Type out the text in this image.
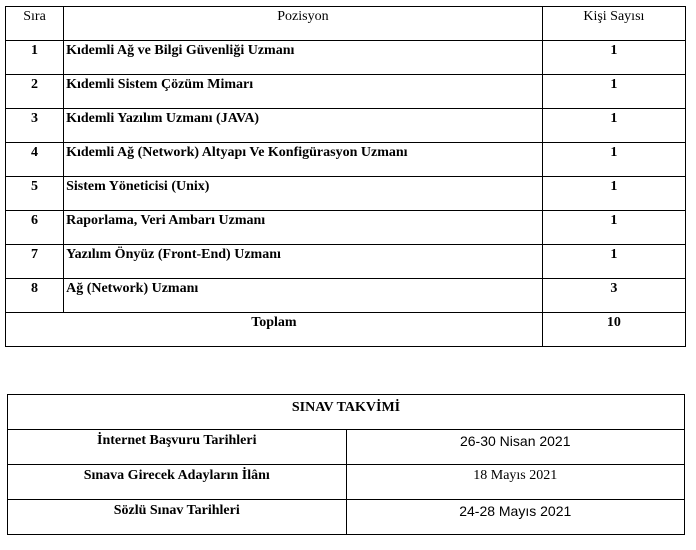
Sıra	Pozisyon	Kişi Sayısı
1	Kıdemli Ağ ve Bilgi Güvenliği Uzmanı	1
2	Kıdemli Sistem Çözüm Mimarı	1
3	Kıdemli Yazılım Uzmanı (JAVA)	1
4	Kıdemli Ağ (Network) Altyapı Ve Konfigürasyon Uzmanı	1
5	Sistem Yöneticisi (Unix)	1
6	Raporlama, Veri Ambarı Uzmanı	1
7	Yazılım Önyüz (Front-End) Uzmanı	1
8	Ağ (Network) Uzmanı	3
Toplam		10
SINAV TAKVİMİ	
İnternet Başvuru Tarihleri	26-30 Nisan 2021
Sınava Girecek Adayların İlânı	18 Mayıs 2021
Sözlü Sınav Tarihleri	24-28 Mayıs 2021
